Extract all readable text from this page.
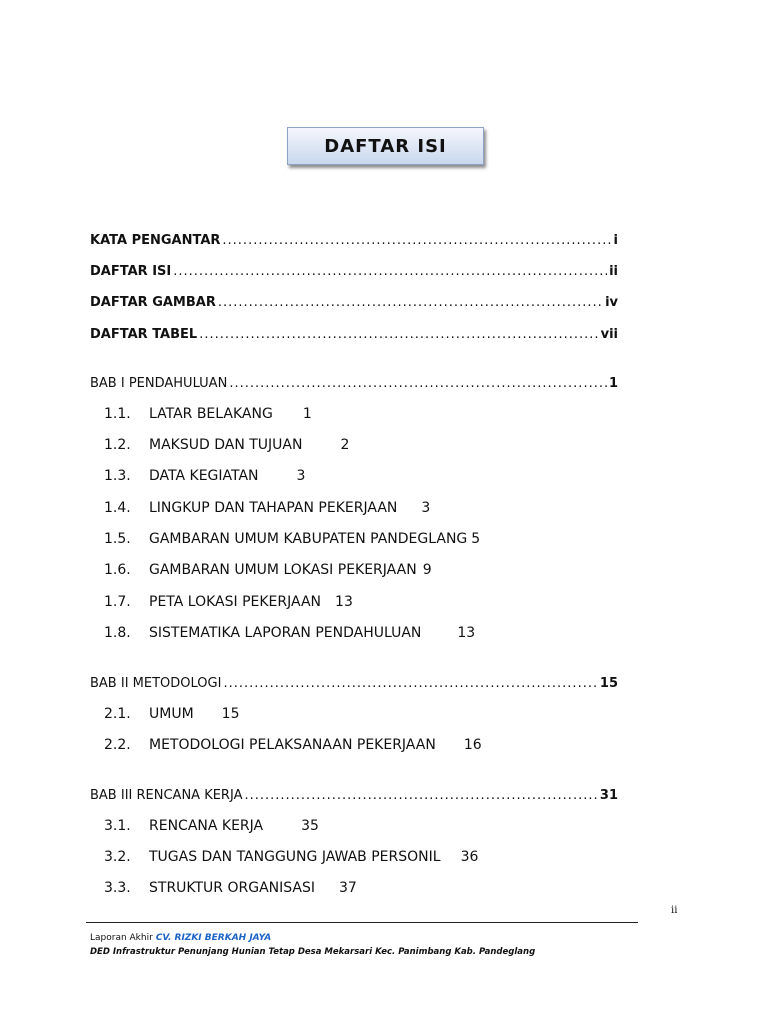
DAFTAR ISI
KATA PENGANTAR .....	i
DAFTAR ISI .....	ii
DAFTAR GAMBAR .....	iv
DAFTAR TABEL .....	vii
BAB I PENDAHULUAN .....	1
1.1.	LATAR BELAKANG 1
1.2.	MAKSUD DAN TUJUAN	2
1.3.	DATA KEGIATAN	3
1.4.	LINGKUP DAN TAHAPAN PEKERJAAN 3
1.5.	GAMBARAN UMUM KABUPATEN PANDEGLANG 5
1.6.	GAMBARAN UMUM LOKASI PEKERJAAN 9
1.7.	PETA LOKASI PEKERJAAN 13
1.8.	SISTEMATIKA LAPORAN PENDAHULUAN	13
BAB II METODOLOGI .....	15
2.1.	UMUM 15
2.2.	METODOLOGI PELAKSANAAN PEKERJAAN 16
BAB III RENCANA KERJA .....	31
3.1.	RENCANA KERJA	35
3.2.	TUGAS DAN TANGGUNG JAWAB PERSONIL 36
3.3.	STRUKTUR ORGANISASI 37
ii
Laporan Akhir CV. RIZKI BERKAH JAYA
DED Infrastruktur Penunjang Hunian Tetap Desa Mekarsari Kec. Panimbang Kab. Pandeglang
